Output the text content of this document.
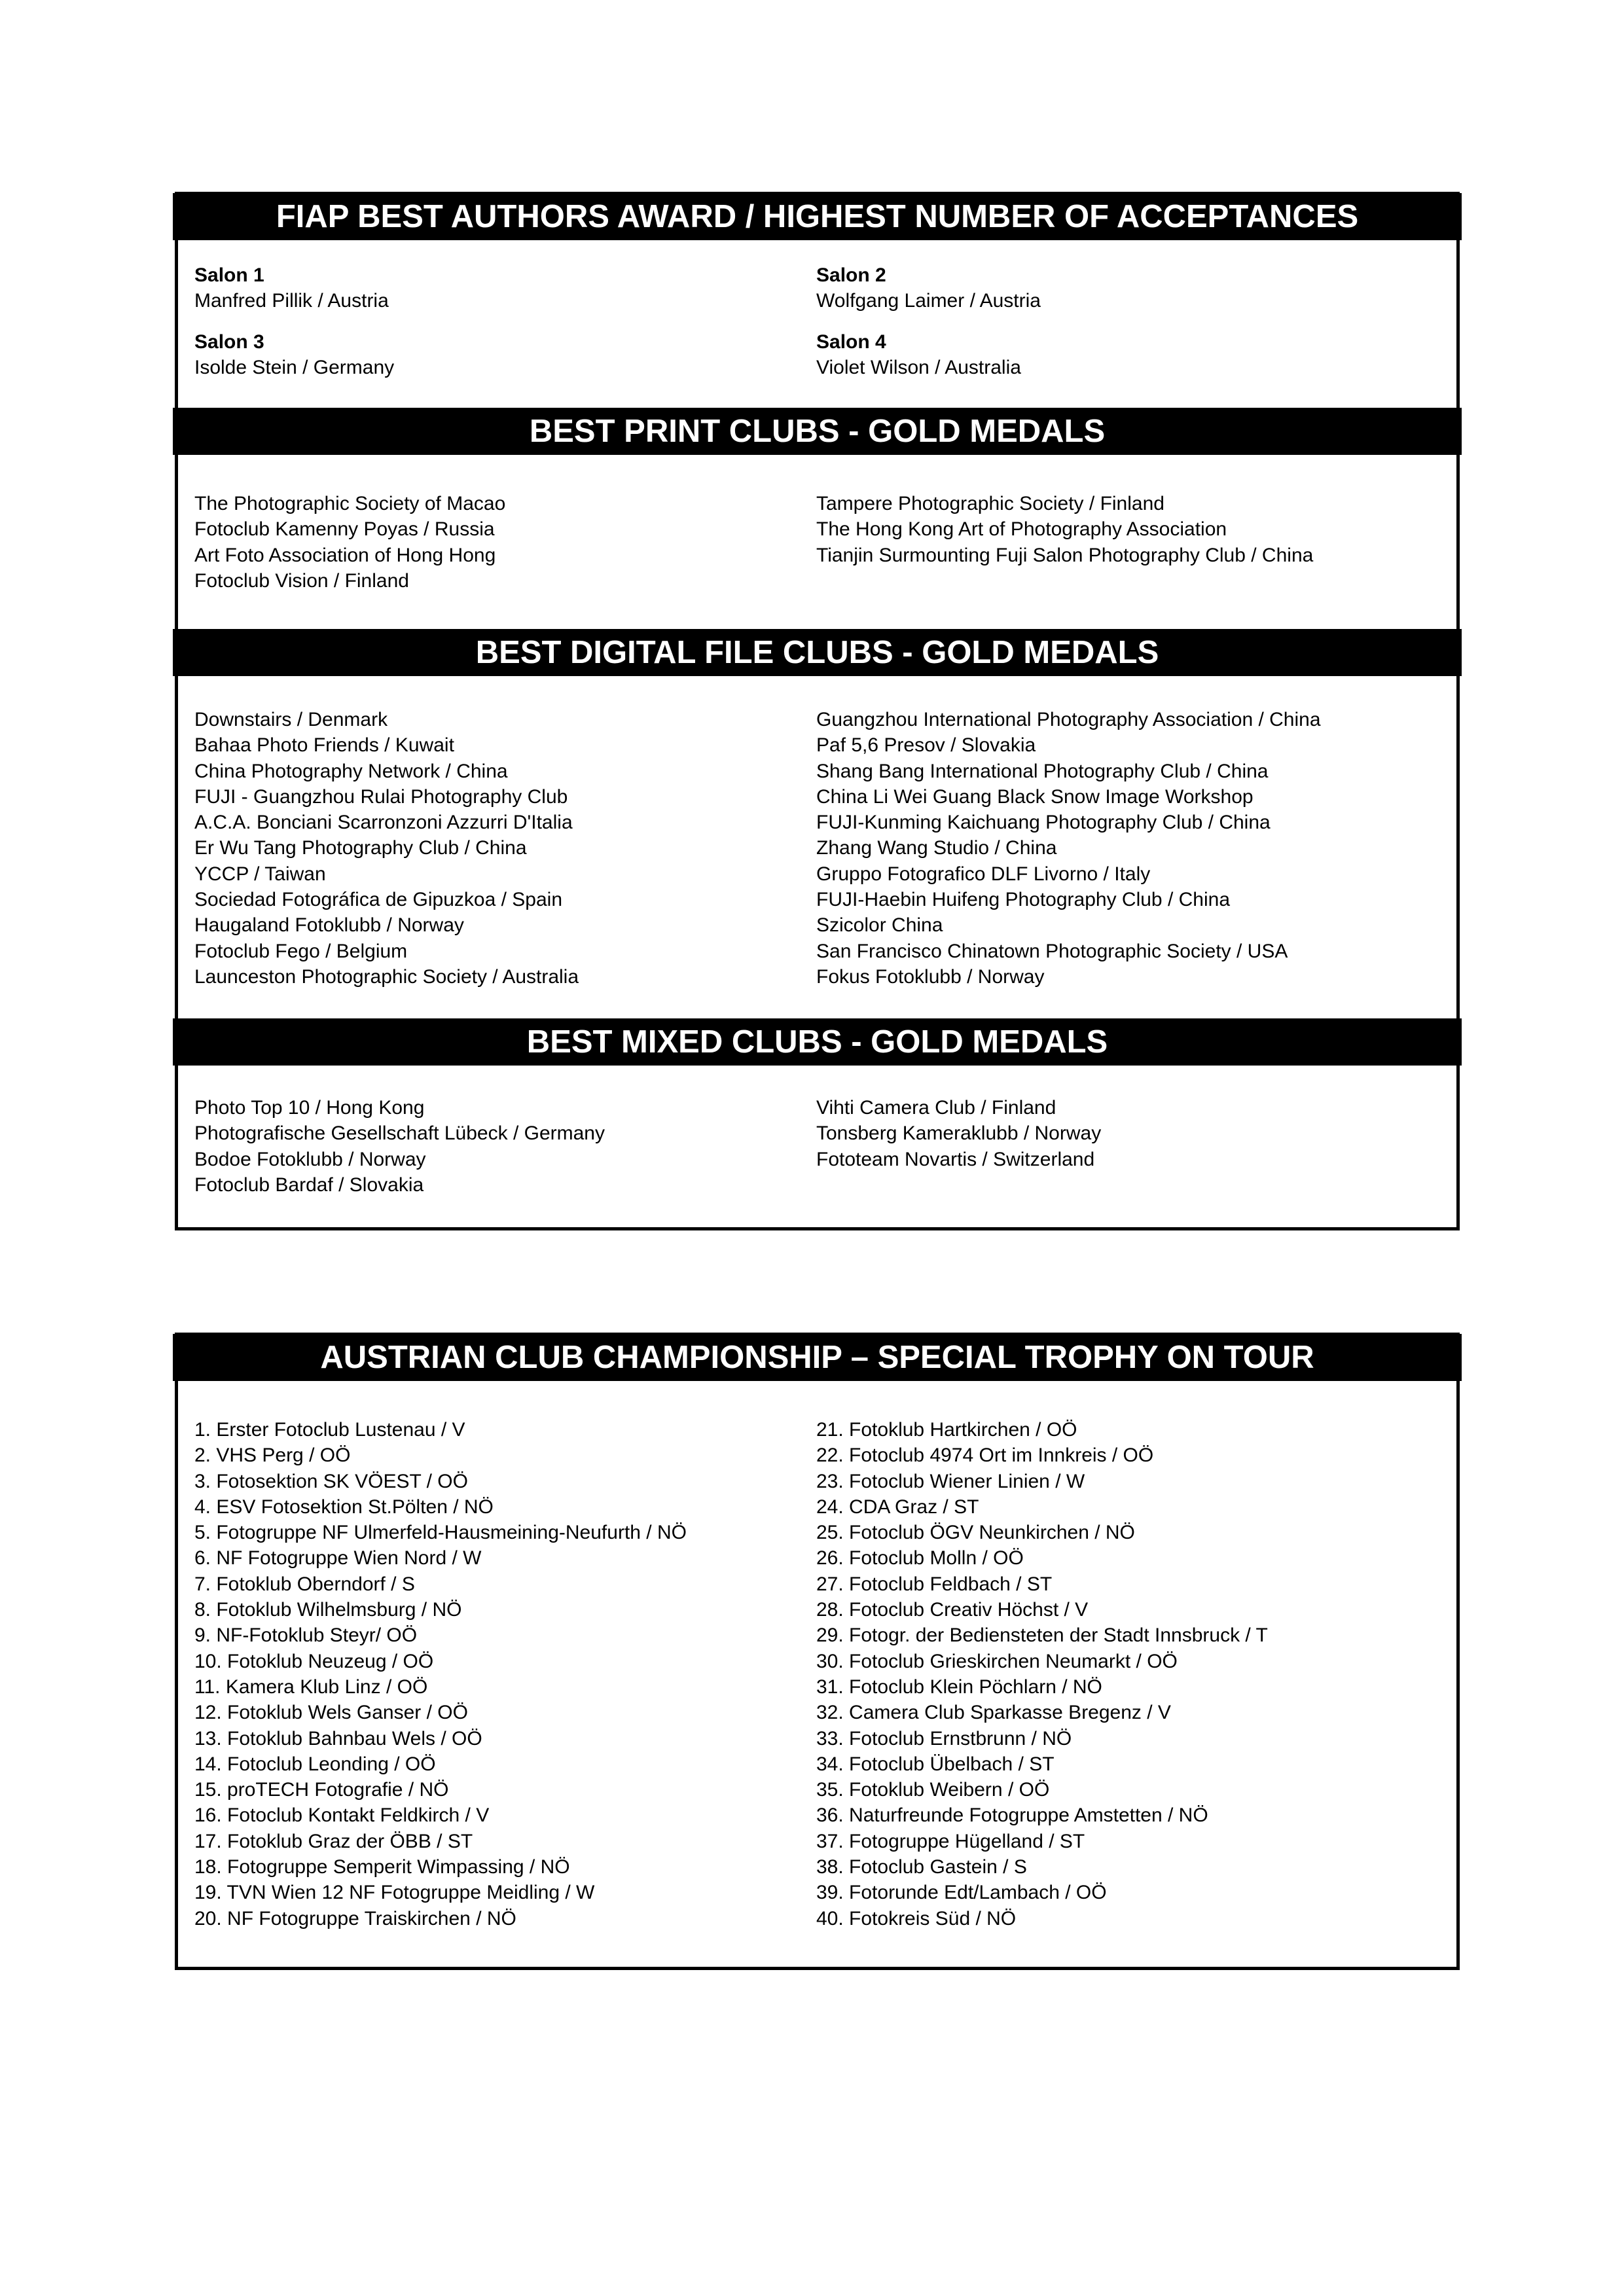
FIAP BEST AUTHORS AWARD / HIGHEST NUMBER OF ACCEPTANCES
Salon 1
Manfred Pillik / Austria
Salon 3
Isolde Stein / Germany
Salon 2
Wolfgang Laimer / Austria
Salon 4
Violet Wilson / Australia
BEST PRINT CLUBS - GOLD MEDALS
The Photographic Society of Macao
Fotoclub Kamenny Poyas / Russia
Art Foto Association of Hong Hong
Fotoclub Vision / Finland
Tampere Photographic Society / Finland
The Hong Kong Art of Photography Association
Tianjin Surmounting Fuji Salon Photography Club / China
BEST DIGITAL FILE CLUBS - GOLD MEDALS
Downstairs / Denmark
Bahaa Photo Friends / Kuwait
China Photography Network / China
FUJI - Guangzhou Rulai Photography Club
A.C.A. Bonciani Scarronzoni Azzurri D'Italia
Er Wu Tang Photography Club / China
YCCP / Taiwan
Sociedad Fotográfica de Gipuzkoa / Spain
Haugaland Fotoklubb / Norway
Fotoclub Fego / Belgium
Launceston Photographic Society / Australia
Guangzhou International Photography Association / China
Paf 5,6 Presov / Slovakia
Shang Bang International Photography Club / China
China Li Wei Guang Black Snow Image Workshop
FUJI-Kunming Kaichuang Photography Club / China
Zhang Wang Studio / China
Gruppo Fotografico DLF Livorno / Italy
FUJI-Haebin Huifeng Photography Club / China
Szicolor China
San Francisco Chinatown Photographic Society / USA
Fokus Fotoklubb / Norway
BEST MIXED CLUBS - GOLD MEDALS
Photo Top 10 / Hong Kong
Photografische Gesellschaft Lübeck / Germany
Bodoe Fotoklubb / Norway
Fotoclub Bardaf / Slovakia
Vihti Camera Club / Finland
Tonsberg Kameraklubb / Norway
Fototeam Novartis / Switzerland
AUSTRIAN CLUB CHAMPIONSHIP – SPECIAL TROPHY ON TOUR
1. Erster Fotoclub Lustenau / V
2. VHS Perg / OÖ
3. Fotosektion SK VÖEST / OÖ
4. ESV Fotosektion St.Pölten / NÖ
5. Fotogruppe NF Ulmerfeld-Hausmeining-Neufurth / NÖ
6. NF Fotogruppe Wien Nord / W
7. Fotoklub Oberndorf / S
8. Fotoklub Wilhelmsburg / NÖ
9. NF-Fotoklub Steyr/ OÖ
10. Fotoklub Neuzeug / OÖ
11. Kamera Klub Linz / OÖ
12. Fotoklub Wels Ganser / OÖ
13. Fotoklub Bahnbau Wels / OÖ
14. Fotoclub Leonding / OÖ
15. proTECH Fotografie / NÖ
16. Fotoclub Kontakt Feldkirch / V
17. Fotoklub Graz der ÖBB / ST
18. Fotogruppe Semperit Wimpassing / NÖ
19. TVN Wien 12 NF Fotogruppe Meidling / W
20. NF Fotogruppe Traiskirchen / NÖ
21. Fotoklub Hartkirchen / OÖ
22. Fotoclub 4974 Ort im Innkreis / OÖ
23. Fotoclub Wiener Linien / W
24. CDA Graz / ST
25. Fotoclub ÖGV Neunkirchen / NÖ
26. Fotoclub Molln / OÖ
27. Fotoclub Feldbach / ST
28. Fotoclub Creativ Höchst / V
29. Fotogr. der Bediensteten der Stadt Innsbruck / T
30. Fotoclub Grieskirchen Neumarkt / OÖ
31. Fotoclub Klein Pöchlarn / NÖ
32. Camera Club Sparkasse Bregenz / V
33. Fotoclub Ernstbrunn / NÖ
34. Fotoclub Übelbach / ST
35. Fotoklub Weibern / OÖ
36. Naturfreunde Fotogruppe Amstetten / NÖ
37. Fotogruppe Hügelland / ST
38. Fotoclub Gastein / S
39. Fotorunde Edt/Lambach / OÖ
40. Fotokreis Süd / NÖ
